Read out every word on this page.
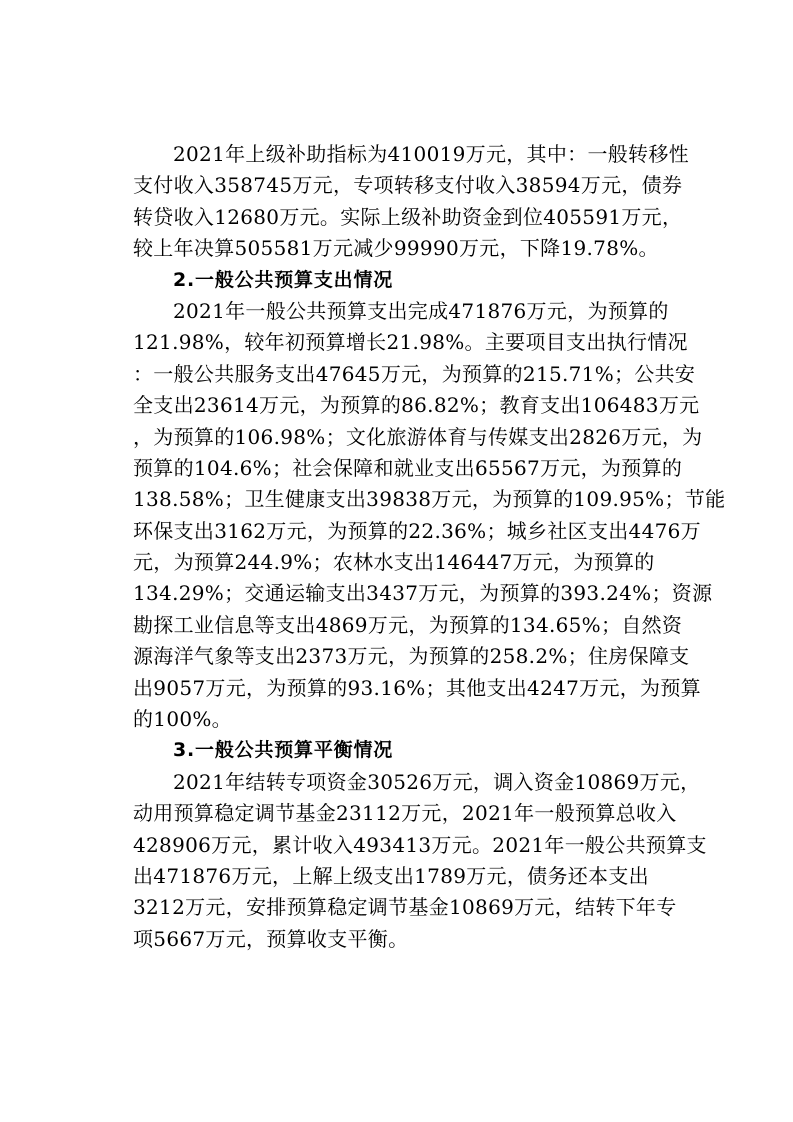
2021年上级补助指标为410019万元，其中：一般转移性
支付收入358745万元，专项转移支付收入38594万元，债券
转贷收入12680万元。实际上级补助资金到位405591万元，
较上年决算505581万元减少99990万元，下降19.78%。
2.一般公共预算支出情况
2021年一般公共预算支出完成471876万元，为预算的
121.98%，较年初预算增长21.98%。主要项目支出执行情况
：一般公共服务支出47645万元，为预算的215.71%；公共安
全支出23614万元，为预算的86.82%；教育支出106483万元
，为预算的106.98%；文化旅游体育与传媒支出2826万元，为
预算的104.6%；社会保障和就业支出65567万元，为预算的
138.58%；卫生健康支出39838万元，为预算的109.95%；节能
环保支出3162万元，为预算的22.36%；城乡社区支出4476万
元，为预算244.9%；农林水支出146447万元，为预算的
134.29%；交通运输支出3437万元，为预算的393.24%；资源
勘探工业信息等支出4869万元，为预算的134.65%；自然资
源海洋气象等支出2373万元，为预算的258.2%；住房保障支
出9057万元，为预算的93.16%；其他支出4247万元，为预算
的100%。
3.一般公共预算平衡情况
2021年结转专项资金30526万元，调入资金10869万元，
动用预算稳定调节基金23112万元，2021年一般预算总收入
428906万元，累计收入493413万元。2021年一般公共预算支
出471876万元，上解上级支出1789万元，债务还本支出
3212万元，安排预算稳定调节基金10869万元，结转下年专
项5667万元，预算收支平衡。
